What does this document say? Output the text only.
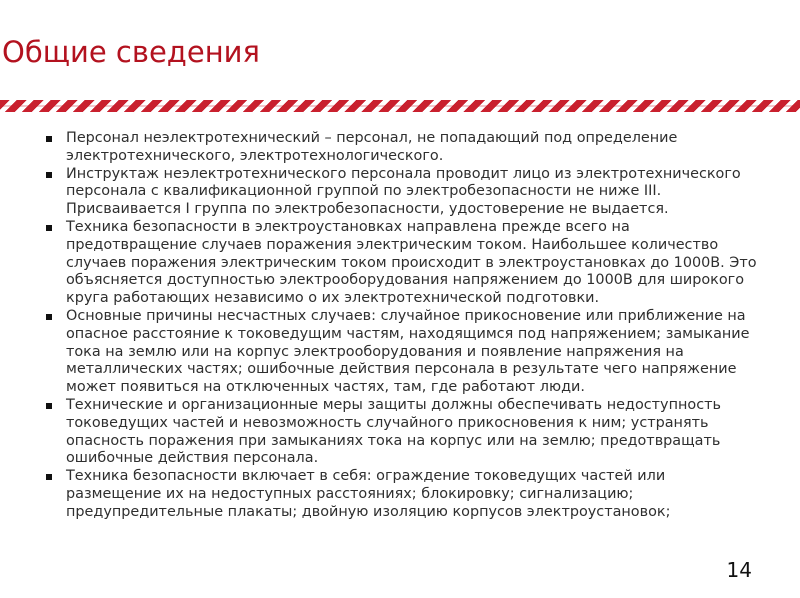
Общие сведения
Персонал неэлектротехнический – персонал, не попадающий под определение электротехнического, электротехнологического.
Инструктаж неэлектротехнического персонала проводит лицо из электротехнического персонала с квалификационной группой по электробезопасности не ниже III. Присваивается I группа по электробезопасности, удостоверение не выдается.
Техника безопасности в электроустановках направлена прежде всего на предотвращение случаев поражения электрическим током. Наибольшее количество случаев поражения электрическим током происходит в электроустановках до 1000В. Это объясняется доступностью электрооборудования напряжением до 1000В для широкого круга работающих независимо о их электротехнической подготовки.
Основные причины несчастных случаев: случайное прикосновение или приближение на опасное расстояние к токоведущим частям, находящимся под напряжением; замыкание тока на землю или на корпус электрооборудования и появление напряжения на металлических частях; ошибочные действия персонала в результате чего напряжение может появиться на отключенных частях, там, где работают люди.
Технические и организационные меры защиты должны обеспечивать недоступность токоведущих частей и невозможность случайного прикосновения к ним; устранять опасность поражения при замыканиях тока на корпус или на землю; предотвращать ошибочные действия персонала.
Техника безопасности включает в себя: ограждение токоведущих частей или размещение их на недоступных расстояниях; блокировку; сигнализацию; предупредительные плакаты; двойную изоляцию корпусов электроустановок;
14
